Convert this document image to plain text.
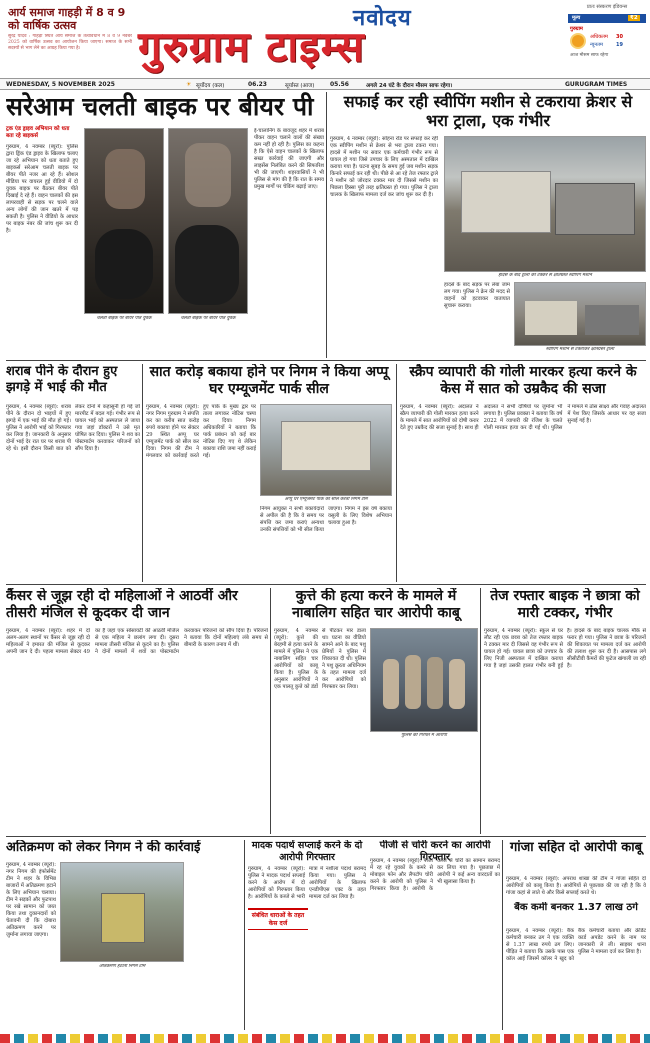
आर्य समाज गाहड़ी में 8 व 9 को वार्षिक उत्सव
सुरेंद्र यादव : गाहड़ी स्थित आर्य समाज के तत्वावधान में 8 व 9 नवंबर 2025 को वार्षिक उत्सव का आयोजन किया जाएगा। समाज के सभी सदस्यों से भाग लेने का आग्रह किया गया है।
नवोदय
गुरुग्राम टाइम्स
प्रातः संस्करण इंडियन्स
मूल्य	₹2
गुरुग्राम
अधिकतम 30
न्यूनतम	19
आज मौसम साफ रहेगा
WEDNESDAY, 5 NOVEMBER 2025	☀ सूर्योदय (कल)	06.23	सूर्यास्त (आज)	05.56	अगले 24 घंटे के दौरान मौसम साफ रहेगा।	GURUGRAM TIMES
सरेआम चलती बाइक पर बीयर पी
ट्रक एंड ड्राइव अभियान को धता बता रहे बाइकर्स
गुरुग्राम, 4 नवम्बर (ब्यूरो): पुलिस द्वारा ड्रिंक एंड ड्राइव के खिलाफ चलाए जा रहे अभियान को धता बताते हुए बाइकर्स सरेआम चलती बाइक पर बीयर पीते नजर आ रहे हैं। सोशल मीडिया पर वायरल हुई वीडियो में दो युवक बाइक पर बैठकर बीयर पीते दिखाई दे रहे हैं। वाहन चालकों की इस लापरवाही से सड़क पर चलने वाले अन्य लोगों की जान खतरे में पड़ सकती है। पुलिस ने वीडियो के आधार पर बाइक नंबर की जांच शुरू कर दी है।
चलती बाइक पर बीयर पीते युवक	चलती बाइक पर बीयर पीते युवक
ई-चालानिंग के बावजूद शहर में शराब पीकर वाहन चलाने वालों की संख्या कम नहीं हो रही है। पुलिस का कहना है कि ऐसे वाहन चालकों के खिलाफ सख्त कार्रवाई की जाएगी और लाइसेंस निलंबित करने की सिफारिश भी की जाएगी। शहरवासियों ने भी पुलिस से मांग की है कि रात के समय प्रमुख मार्गों पर चेकिंग बढ़ाई जाए।
सफाई कर रही स्वीपिंग मशीन से टकराया क्रेशर से भरा ट्राला, एक गंभीर
गुरुग्राम, 4 नवम्बर (ब्यूरो): सोहना रोड पर सफाई कर रही एक स्वीपिंग मशीन से क्रेशर से भरा ट्राला टकरा गया। हादसे में मशीन पर सवार एक कर्मचारी गंभीर रूप से घायल हो गया जिसे उपचार के लिए अस्पताल में दाखिल कराया गया है। घटना सुबह के समय हुई जब मशीन सड़क किनारे सफाई कर रही थी। पीछे से आ रहे तेज रफ्तार ट्राले ने मशीन को जोरदार टक्कर मार दी जिससे मशीन का पिछला हिस्सा पूरी तरह क्षतिग्रस्त हो गया। पुलिस ने ट्राला चालक के खिलाफ मामला दर्ज कर जांच शुरू कर दी है।
हादसे के बाद ट्राला की टक्कर से क्षतिग्रस्त स्वीपिंग मशीन
हादसे के बाद सड़क पर लंबा जाम लग गया। पुलिस ने क्रेन की मदद से वाहनों को हटवाकर यातायात सुचारू कराया।
स्वीपिंग मशीन से टकराकर क्षतिग्रस्त ट्राला
शराब पीने के दौरान हुए झगड़े में भाई की मौत
गुरुग्राम, 4 नवम्बर (ब्यूरो): शराब पीने के दौरान दो भाइयों में हुए झगड़े में एक भाई की मौत हो गई। पुलिस ने आरोपी भाई को गिरफ्तार कर लिया है। जानकारी के अनुसार दोनों भाई देर रात घर पर शराब पी रहे थे। इसी दौरान किसी बात को लेकर दोनों में कहासुनी हो गई जो मारपीट में बदल गई। गंभीर रूप से घायल भाई को अस्पताल ले जाया गया जहां डॉक्टरों ने उसे मृत घोषित कर दिया। पुलिस ने शव का पोस्टमार्टम करवाकर परिजनों को सौंप दिया है।
सात करोड़ बकाया होने पर निगम ने किया अप्पू घर एम्यूजमेंट पार्क सील
गुरुग्राम, 4 नवम्बर (ब्यूरो): नगर निगम गुरुग्राम ने संपत्ति कर का करीब सात करोड़ रुपये बकाया होने पर सेक्टर 29 स्थित अप्पू घर एम्यूजमेंट पार्क को सील कर दिया। निगम की टीम ने मंगलवार को कार्रवाई करते हुए पार्क के मुख्य द्वार पर ताला लगाकर नोटिस चस्पा कर दिया। निगम अधिकारियों ने बताया कि पार्क प्रबंधन को कई बार नोटिस दिए गए थे लेकिन बकाया राशि जमा नहीं कराई गई।
अप्पू घर एम्यूजमेंट पार्क को सील करती निगम टीम
निगम आयुक्त ने सभी बकायेदारों से अपील की है कि वे समय पर संपत्ति कर जमा कराएं अन्यथा उनकी संपत्तियों को भी सील किया जाएगा। निगम ने इस वर्ष बकाया वसूली के लिए विशेष अभियान चलाया हुआ है।
स्क्रैप व्यापारी की गोली मारकर हत्या करने के केस में सात को उम्रकैद की सजा
गुरुग्राम, 4 नवम्बर (ब्यूरो): अदालत ने स्क्रैप व्यापारी की गोली मारकर हत्या करने के मामले में सात आरोपियों को दोषी करार देते हुए उम्रकैद की सजा सुनाई है। साथ ही अदालत ने सभी दोषियों पर जुर्माना भी लगाया है। पुलिस प्रवक्ता ने बताया कि वर्ष 2022 में व्यापारी की रंजिश के चलते गोली मारकर हत्या कर दी गई थी। पुलिस ने मामले में ठोस साक्ष्य और गवाह अदालत में पेश किए जिसके आधार पर यह सजा सुनाई गई है।
कैंसर से जूझ रही दो महिलाओं ने आठवीं और तीसरी मंजिल से कूदकर दी जान
गुरुग्राम, 4 नवम्बर (ब्यूरो): शहर में दो अलग-अलग स्थानों पर कैंसर से जूझ रही दो महिलाओं ने इमारत की मंजिल से कूदकर अपनी जान दे दी। पहला मामला सेक्टर 49 का है जहां एक सोसायटी की आठवीं मंजिल से एक महिला ने छलांग लगा दी। दूसरा मामला तीसरी मंजिल से कूदने का है। पुलिस ने दोनों मामलों में शवों का पोस्टमार्टम करवाकर परिजनों को सौंप दिया है। परिजनों ने बताया कि दोनों महिलाएं लंबे समय से बीमारी के कारण तनाव में थीं।
कुत्ते की हत्या करने के मामले में नाबालिग सहित चार आरोपी काबू
गुरुग्राम, 4 नवम्बर (ब्यूरो): कुत्ते की बेरहमी से हत्या करने के मामले में पुलिस ने एक नाबालिग सहित चार आरोपियों को काबू किया है। पुलिस के अनुसार आरोपियों ने एक पालतू कुत्ते को डंडों से पीटकर मार डाला था। घटना का वीडियो सामने आने के बाद पशु प्रेमियों ने पुलिस में शिकायत दी थी। पुलिस ने पशु क्रूरता अधिनियम के तहत मामला दर्ज कर आरोपियों को गिरफ्तार कर लिया।
पुलिस की गिरफ्त में आरोपी
तेज रफ्तार बाइक ने छात्रा को मारी टक्कर, गंभीर
गुरुग्राम, 4 नवम्बर (ब्यूरो): स्कूल से घर लौट रही एक छात्रा को तेज रफ्तार बाइक ने टक्कर मार दी जिससे वह गंभीर रूप से घायल हो गई। घायल छात्रा को उपचार के लिए निजी अस्पताल में दाखिल कराया गया है जहां उसकी हालत गंभीर बनी हुई है। हादसे के बाद बाइक चालक मौके से फरार हो गया। पुलिस ने छात्रा के परिजनों की शिकायत पर मामला दर्ज कर आरोपी की तलाश शुरू कर दी है। आसपास लगे सीसीटीवी कैमरों की फुटेज खंगाली जा रही है।
अतिक्रमण को लेकर निगम ने की कार्रवाई
गुरुग्राम, 4 नवम्बर (ब्यूरो): नगर निगम की इंफोर्समेंट टीम ने शहर के विभिन्न बाजारों में अतिक्रमण हटाने के लिए अभियान चलाया। टीम ने सड़कों और फुटपाथ पर रखे सामान को जब्त किया तथा दुकानदारों को चेतावनी दी कि दोबारा अतिक्रमण करने पर जुर्माना लगाया जाएगा।
अतिक्रमण हटाती निगम टीम
मादक पदार्थ सप्लाई करने के दो आरोपी गिरफ्तार
गुरुग्राम, 4 नवम्बर (ब्यूरो): पुलिस ने मादक पदार्थ सप्लाई करने के आरोप में दो आरोपियों को गिरफ्तार किया है। आरोपियों के कब्जे से भारी मात्रा में नशीला पदार्थ बरामद किया गया। पुलिस ने आरोपियों के खिलाफ एनडीपीएस एक्ट के तहत मामला दर्ज कर लिया है।
संबंधित धाराओं के तहत केस दर्ज
पीजी से चोरी करने का आरोपी गिरफ्तार
गुरुग्राम, 4 नवम्बर (ब्यूरो): पीजी में रह रहे युवकों के कमरे से मोबाइल फोन और लैपटॉप चोरी करने के आरोपी को पुलिस ने गिरफ्तार किया है। आरोपी के कब्जे से चोरी का सामान बरामद कर लिया गया है। पूछताछ में आरोपी ने कई अन्य वारदातों का भी खुलासा किया है।
गांजा सहित दो आरोपी काबू
गुरुग्राम, 4 नवम्बर (ब्यूरो): अपराध शाखा की टीम ने गांजा सहित दो आरोपियों को काबू किया है। आरोपियों से पूछताछ की जा रही है कि वे गांजा कहां से लाते थे और किसे सप्लाई करते थे।
बैंक कर्मी बनकर 1.37 लाख ठगे
गुरुग्राम, 4 नवम्बर (ब्यूरो): बैंक कर्मचारी बनकर ठग ने एक व्यक्ति से 1.37 लाख रुपये ठग लिए। पीड़ित ने बताया कि उसके पास एक कॉल आई जिसमें कॉलर ने खुद को बैंक कर्मचारी बताया और क्रेडिट कार्ड अपडेट करने के नाम पर जानकारी ले ली। साइबर थाना पुलिस ने मामला दर्ज कर लिया है।
